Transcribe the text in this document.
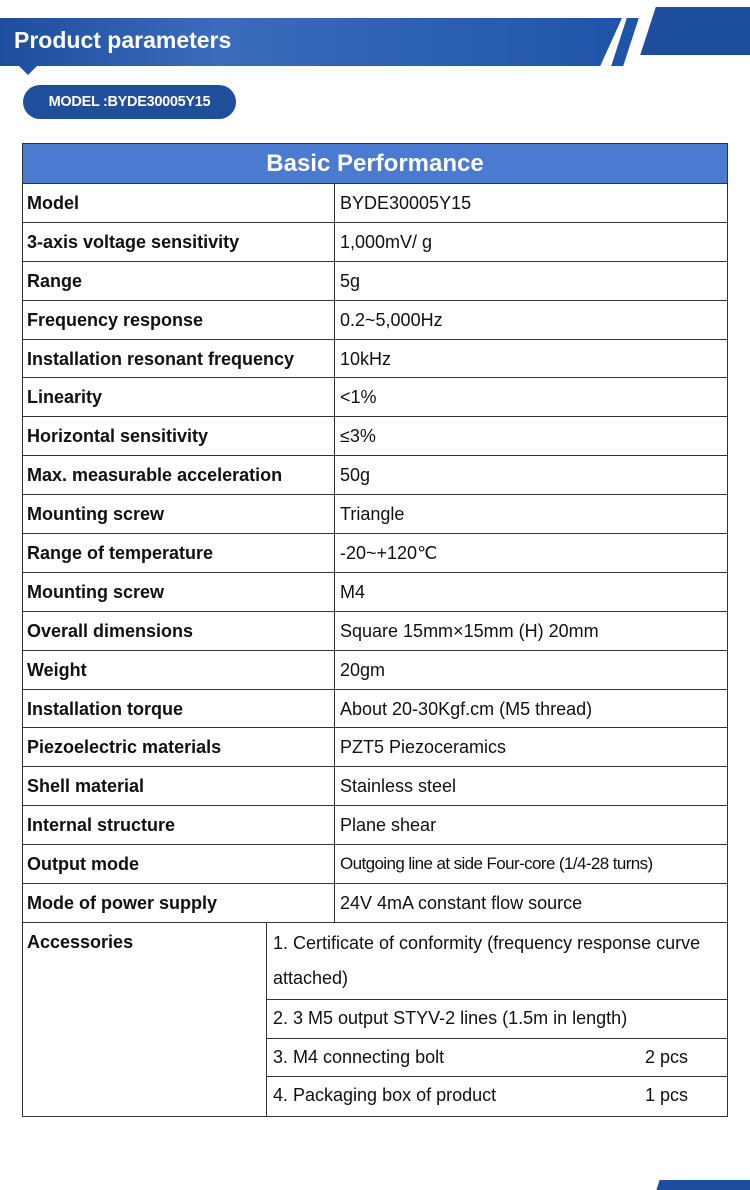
Product parameters
MODEL :BYDE30005Y15
Basic Performance
Model	BYDE30005Y15
3-axis voltage sensitivity	1,000mV/ g
Range	5g
Frequency response	0.2~5,000Hz
Installation resonant frequency	10kHz
Linearity	<1%
Horizontal sensitivity	≤3%
Max. measurable acceleration	50g
Mounting screw	Triangle
Range of temperature	-20~+120℃
Mounting screw	M4
Overall dimensions	Square 15mm×15mm (H) 20mm
Weight	20gm
Installation torque	About 20-30Kgf.cm (M5 thread)
Piezoelectric materials	PZT5 Piezoceramics
Shell material	Stainless steel
Internal structure	Plane shear
Output mode	Outgoing line at side Four-core (1/4-28 turns)
Mode of power supply	24V 4mA constant flow source
Accessories	1. Certificate of conformity (frequency response curve attached)
2. 3 M5 output STYV-2 lines (1.5m in length)
3. M4 connecting bolt	2 pcs
4. Packaging box of product	1 pcs
